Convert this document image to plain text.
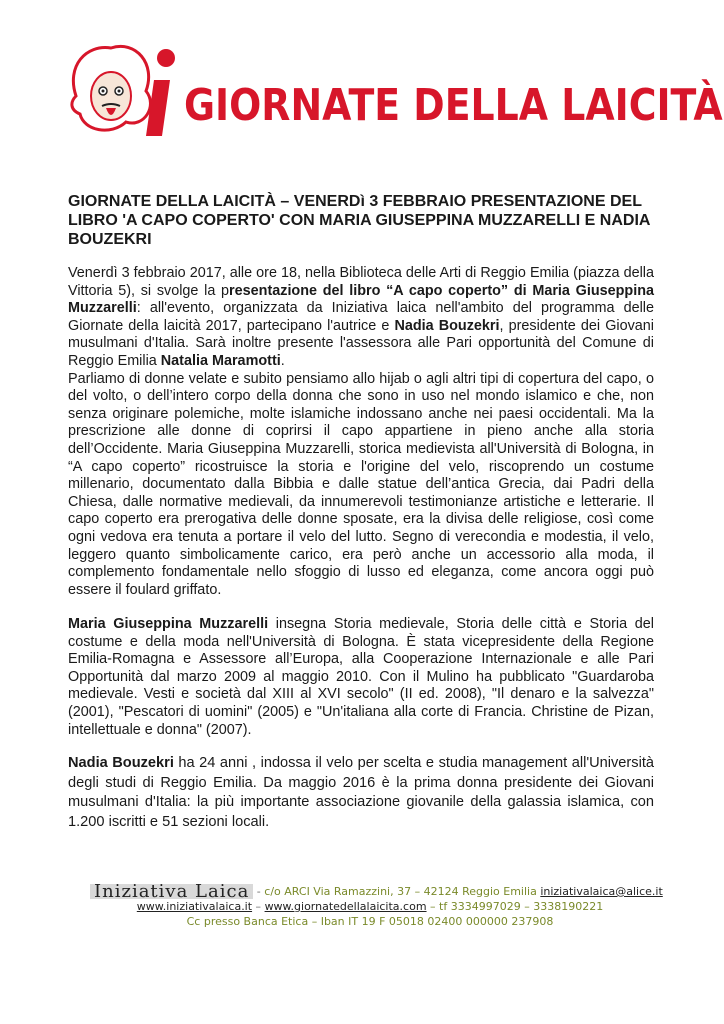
GIORNATE DELLA LAICITÀ
GIORNATE DELLA LAICITÀ – VENERDì 3 FEBBRAIO PRESENTAZIONE DEL LIBRO 'A CAPO COPERTO' CON MARIA GIUSEPPINA MUZZARELLI E NADIA BOUZEKRI

Venerdì 3 febbraio 2017, alle ore 18, nella Biblioteca delle Arti di Reggio Emilia (piazza della Vittoria 5), si svolge la presentazione del libro “A capo coperto” di Maria Giuseppina Muzzarelli: all'evento, organizzata da Iniziativa laica nell'ambito del programma delle Giornate della laicità 2017, partecipano l'autrice e Nadia Bouzekri, presidente dei Giovani musulmani d'Italia. Sarà inoltre presente l'assessora alle Pari opportunità del Comune di Reggio Emilia Natalia Maramotti.
Parliamo di donne velate e subito pensiamo allo hijab o agli altri tipi di copertura del capo, o del volto, o dell’intero corpo della donna che sono in uso nel mondo islamico e che, non senza originare polemiche, molte islamiche indossano anche nei paesi occidentali. Ma la prescrizione alle donne di coprirsi il capo appartiene in pieno anche alla storia dell’Occidente. Maria Giuseppina Muzzarelli, storica medievista all'Università di Bologna, in “A capo coperto” ricostruisce la storia e l'origine del velo, riscoprendo un costume millenario, documentato dalla Bibbia e dalle statue dell’antica Grecia, dai Padri della Chiesa, dalle normative medievali, da innumerevoli testimonianze artistiche e letterarie. Il capo coperto era prerogativa delle donne sposate, era la divisa delle religiose, così come ogni vedova era tenuta a portare il velo del lutto. Segno di verecondia e modestia, il velo, leggero quanto simbolicamente carico, era però anche un accessorio alla moda, il complemento fondamentale nello sfoggio di lusso ed eleganza, come ancora oggi può essere il foulard griffato.

Maria Giuseppina Muzzarelli insegna Storia medievale, Storia delle città e Storia del costume e della moda nell'Università di Bologna. È stata vicepresidente della Regione Emilia-Romagna e Assessore all’Europa, alla Cooperazione Internazionale e alle Pari Opportunità dal marzo 2009 al maggio 2010. Con il Mulino ha pubblicato "Guardaroba medievale. Vesti e società dal XIII al XVI secolo" (II ed. 2008), "Il denaro e la salvezza" (2001), "Pescatori di uomini" (2005) e "Un'italiana alla corte di Francia. Christine de Pizan, intellettuale e donna" (2007).

Nadia Bouzekri ha 24 anni , indossa il velo per scelta e studia management all'Università degli studi di Reggio Emilia. Da maggio 2016 è la prima donna presidente dei Giovani musulmani d'Italia: la più importante associazione giovanile della galassia islamica, con 1.200 iscritti e 51 sezioni locali.

Iniziativa Laica - c/o ARCI Via Ramazzini, 37 – 42124 Reggio Emilia iniziativalaica@alice.it
www.iniziativalaica.it – www.giornatedellalaicita.com – tf 3334997029 – 3338190221
Cc presso Banca Etica – Iban IT 19 F 05018 02400 000000 237908
